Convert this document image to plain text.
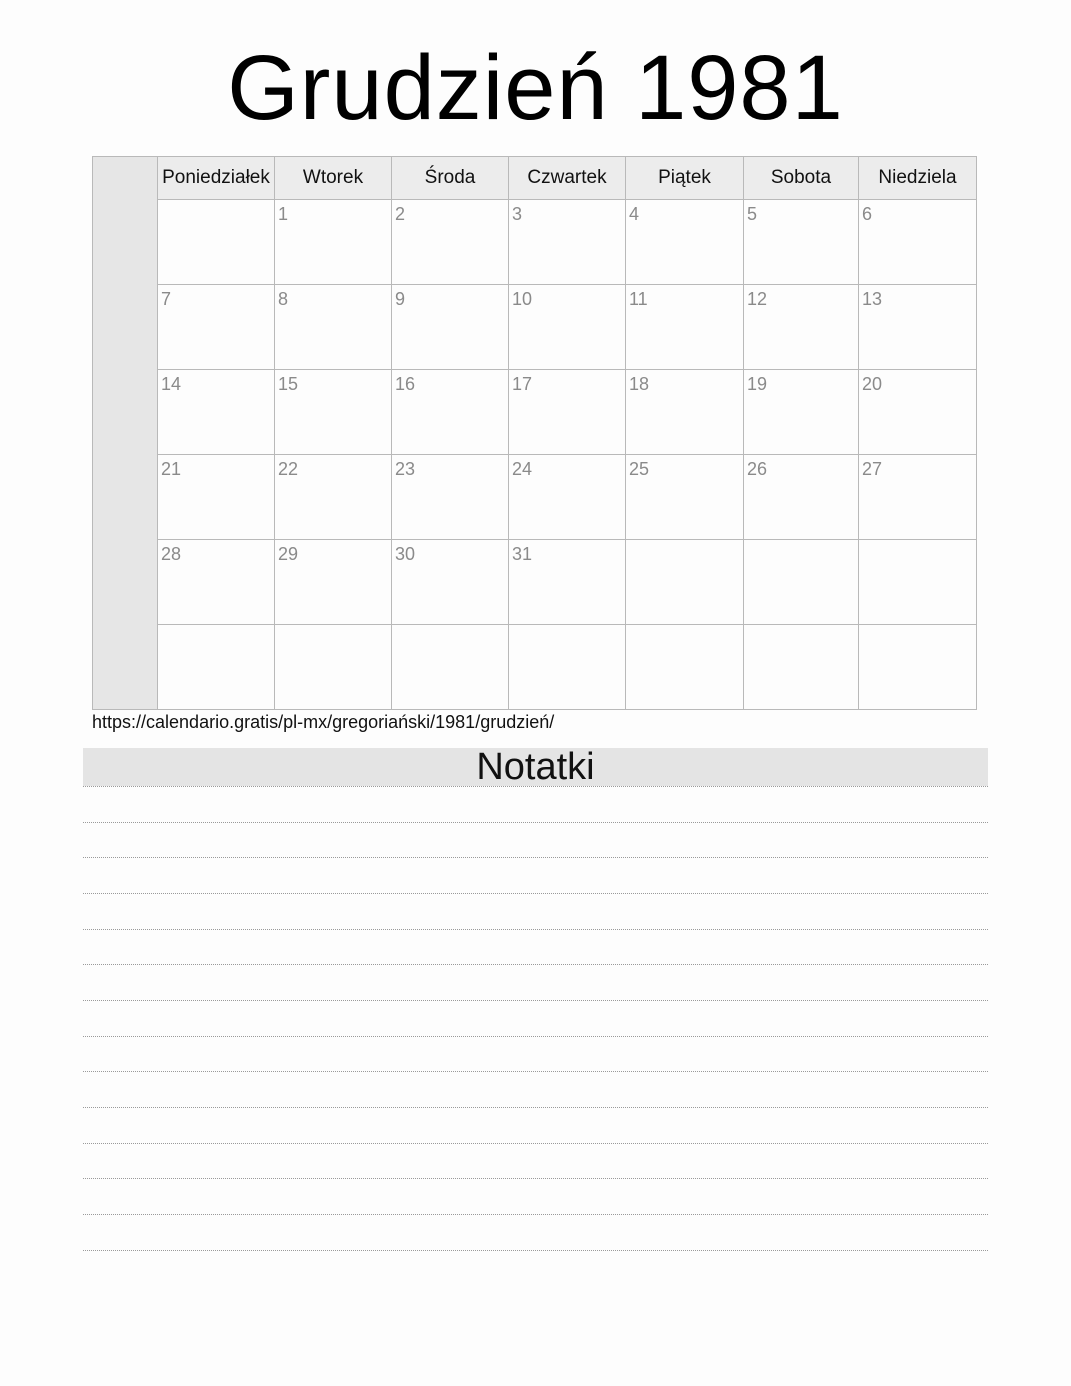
Grudzień 1981
	Poniedziałek	Wtorek	Środa	Czwartek	Piątek	Sobota	Niedziela

		1	2	3	4	5	6

	7	8	9	10	11	12	13

	14	15	16	17	18	19	20

	21	22	23	24	25	26	27

	28	29	30	31			

https://calendario.gratis/pl-mx/gregoriański/1981/grudzień/
Notatki
